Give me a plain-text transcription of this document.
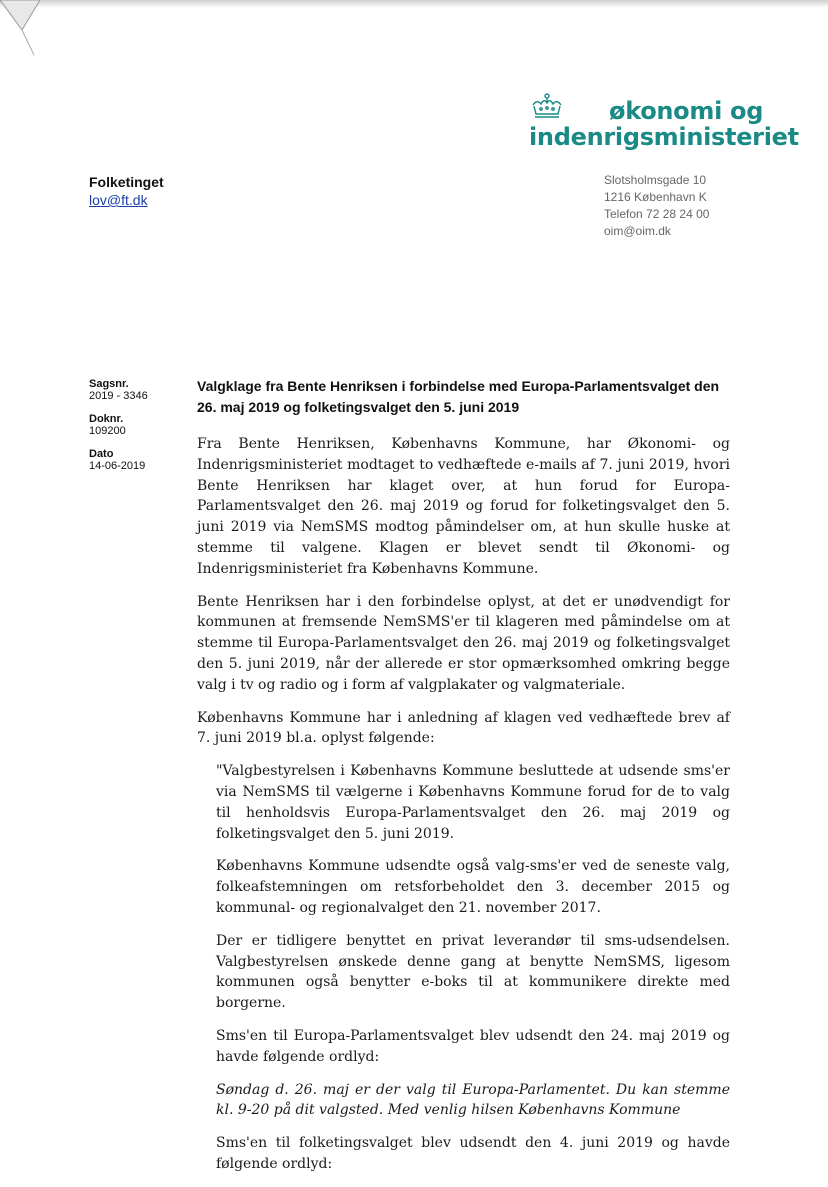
økonomi og
indenrigsministeriet
Folketinget
lov@ft.dk
Slotsholmsgade 10
1216 København K
Telefon 72 28 24 00
oim@oim.dk
Sagsnr.
2019 - 3346
Doknr.
109200
Dato
14-06-2019
Valgklage fra Bente Henriksen i forbindelse med Europa-Parlamentsvalget den 26. maj 2019 og folketingsvalget den 5. juni 2019

Fra Bente Henriksen, Københavns Kommune, har Økonomi- og Indenrigsministeriet modtaget to vedhæftede e-mails af 7. juni 2019, hvori Bente Henriksen har klaget over, at hun forud for Europa-Parlamentsvalget den 26. maj 2019 og forud for folketingsvalget den 5. juni 2019 via NemSMS modtog påmindelser om, at hun skulle huske at stemme til valgene. Klagen er blevet sendt til Økonomi- og Indenrigsministeriet fra Københavns Kommune.

Bente Henriksen har i den forbindelse oplyst, at det er unødvendigt for kommunen at fremsende NemSMS'er til klageren med påmindelse om at stemme til Europa-Parlamentsvalget den 26. maj 2019 og folketingsvalget den 5. juni 2019, når der allerede er stor opmærksomhed omkring begge valg i tv og radio og i form af valgplakater og valgmateriale.

Københavns Kommune har i anledning af klagen ved vedhæftede brev af 7. juni 2019 bl.a. oplyst følgende:

"Valgbestyrelsen i Københavns Kommune besluttede at udsende sms'er via NemSMS til vælgerne i Københavns Kommune forud for de to valg til henholdsvis Europa-Parlamentsvalget den 26. maj 2019 og folketingsvalget den 5. juni 2019.

Københavns Kommune udsendte også valg-sms'er ved de seneste valg, folkeafstemningen om retsforbeholdet den 3. december 2015 og kommunal- og regionalvalget den 21. november 2017.

Der er tidligere benyttet en privat leverandør til sms-udsendelsen. Valgbestyrelsen ønskede denne gang at benytte NemSMS, ligesom kommunen også benytter e-boks til at kommunikere direkte med borgerne.

Sms'en til Europa-Parlamentsvalget blev udsendt den 24. maj 2019 og havde følgende ordlyd:

Søndag d. 26. maj er der valg til Europa-Parlamentet. Du kan stemme kl. 9-20 på dit valgsted. Med venlig hilsen Københavns Kommune

Sms'en til folketingsvalget blev udsendt den 4. juni 2019 og havde følgende ordlyd:
